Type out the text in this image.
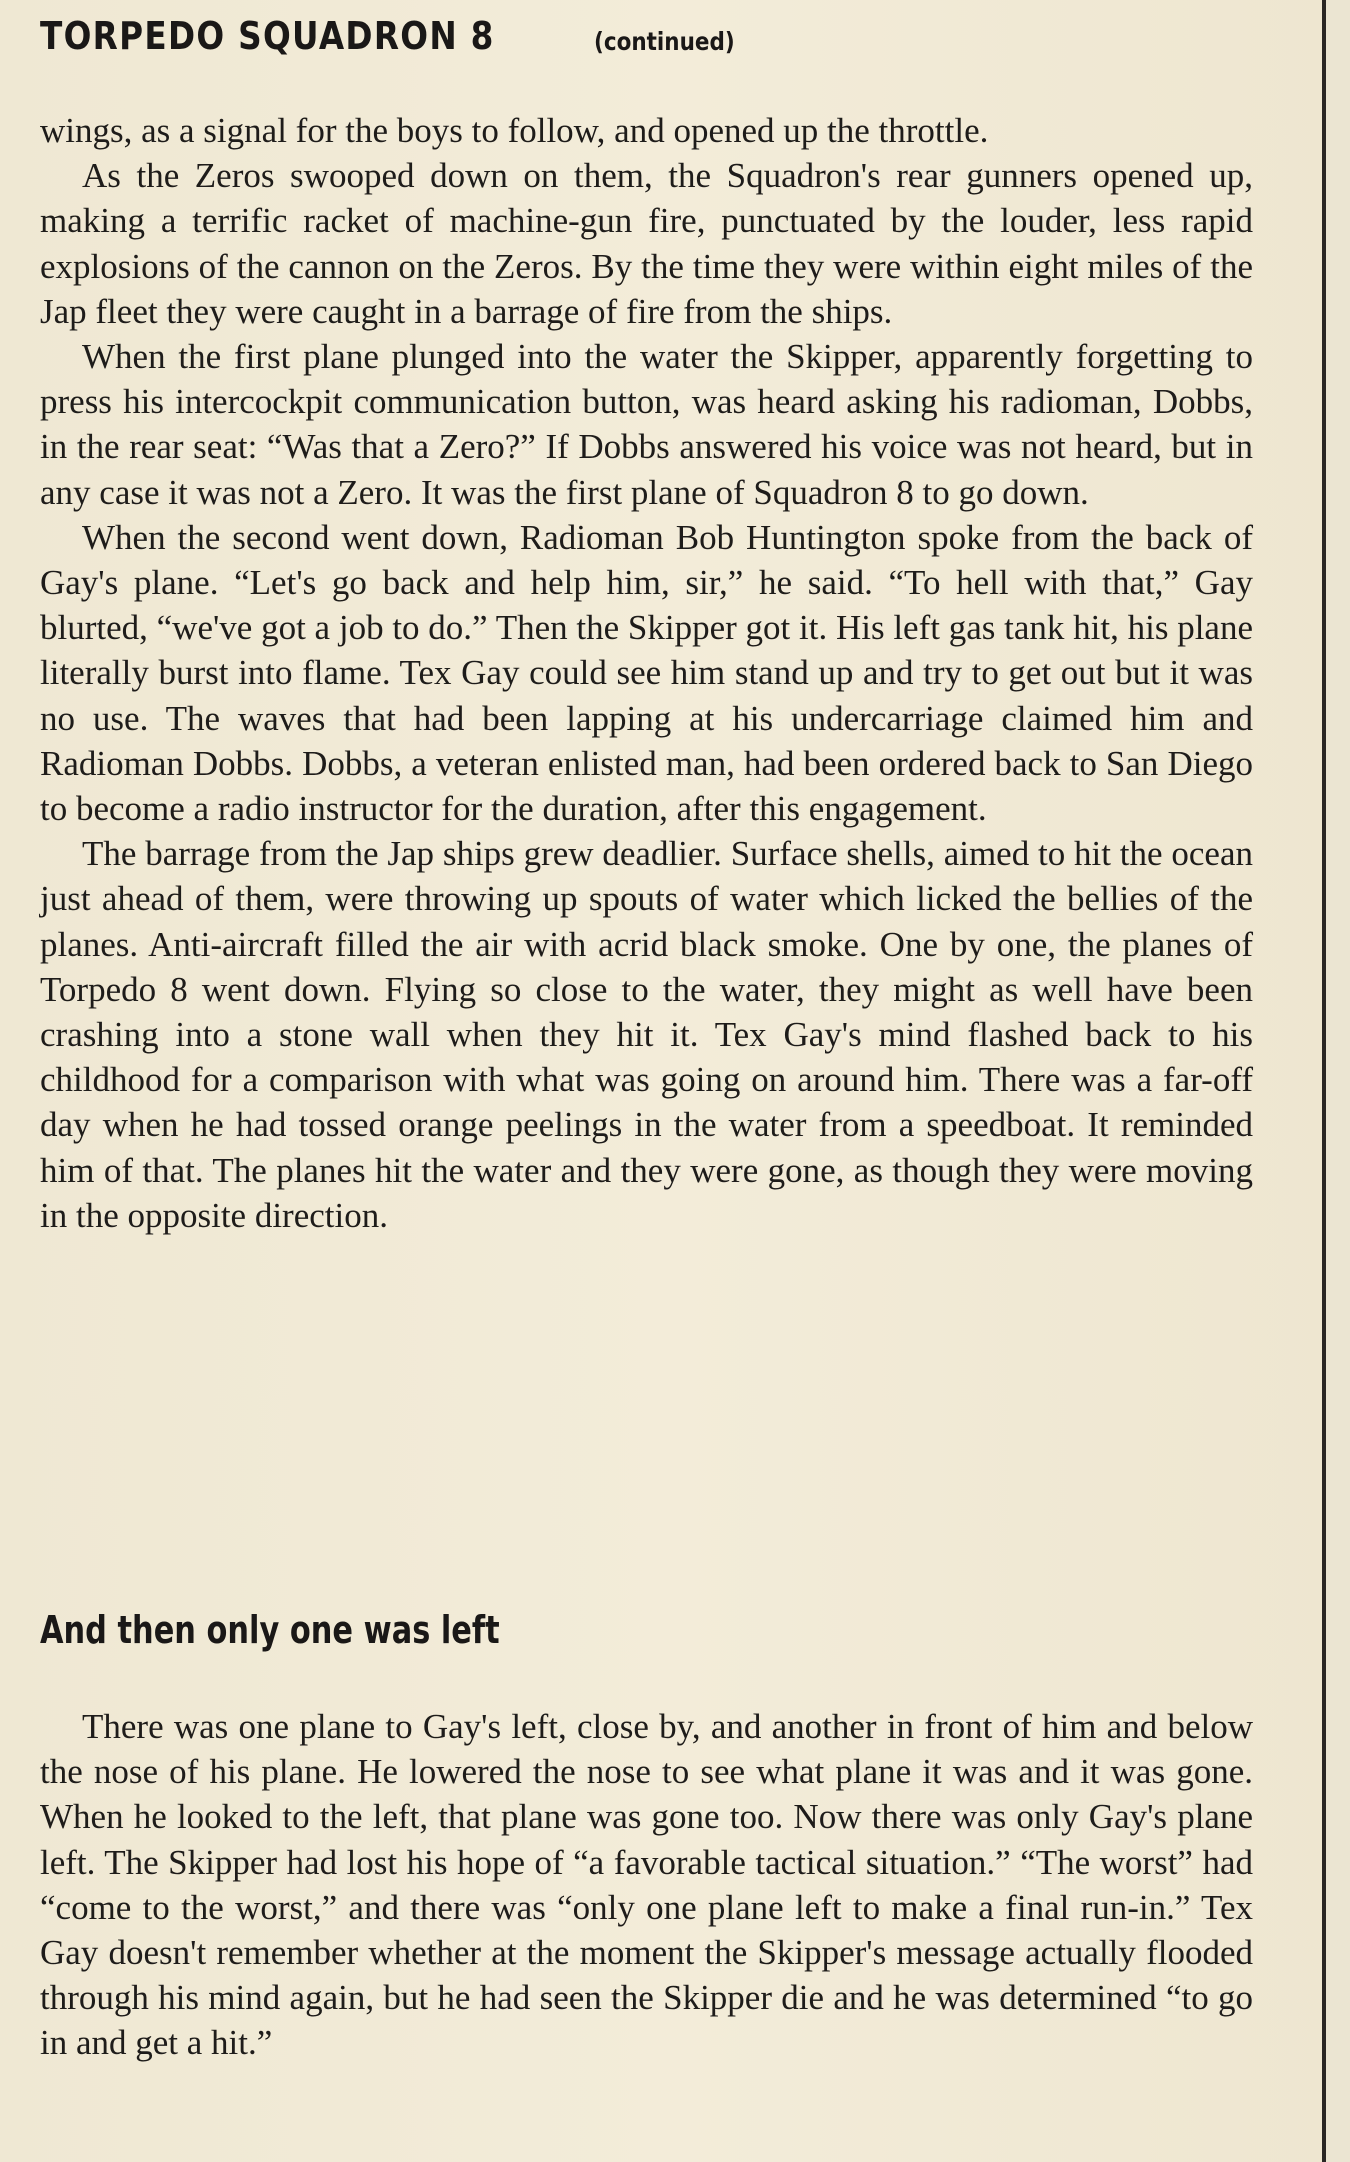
TORPEDO SQUADRON 8	(continued)

wings, as a signal for the boys to follow, and opened up the throttle.

As the Zeros swooped down on them, the Squadron's rear gunners opened up, making a terrific racket of machine-gun fire, punctuated by the louder, less rapid explosions of the cannon on the Zeros. By the time they were within eight miles of the Jap fleet they were caught in a barrage of fire from the ships.

When the first plane plunged into the water the Skipper, apparently forgetting to press his intercockpit communication button, was heard asking his radioman, Dobbs, in the rear seat: “Was that a Zero?” If Dobbs answered his voice was not heard, but in any case it was not a Zero. It was the first plane of Squadron 8 to go down.

When the second went down, Radioman Bob Huntington spoke from the back of Gay's plane. “Let's go back and help him, sir,” he said. “To hell with that,” Gay blurted, “we've got a job to do.” Then the Skipper got it. His left gas tank hit, his plane literally burst into flame. Tex Gay could see him stand up and try to get out but it was no use. The waves that had been lapping at his undercarriage claimed him and Radioman Dobbs. Dobbs, a veteran enlisted man, had been ordered back to San Diego to become a radio instructor for the duration, after this engagement.

The barrage from the Jap ships grew deadlier. Surface shells, aimed to hit the ocean just ahead of them, were throwing up spouts of water which licked the bellies of the planes. Anti-aircraft filled the air with acrid black smoke. One by one, the planes of Torpedo 8 went down. Flying so close to the water, they might as well have been crashing into a stone wall when they hit it. Tex Gay's mind flashed back to his childhood for a comparison with what was going on around him. There was a far-off day when he had tossed orange peelings in the water from a speedboat. It reminded him of that. The planes hit the water and they were gone, as though they were moving in the opposite direction.

And then only one was left

There was one plane to Gay's left, close by, and another in front of him and below the nose of his plane. He lowered the nose to see what plane it was and it was gone. When he looked to the left, that plane was gone too. Now there was only Gay's plane left. The Skipper had lost his hope of “a favorable tactical situation.” “The worst” had “come to the worst,” and there was “only one plane left to make a final run-in.” Tex Gay doesn't remember whether at the moment the Skipper's message actually flooded through his mind again, but he had seen the Skipper die and he was determined “to go in and get a hit.”
